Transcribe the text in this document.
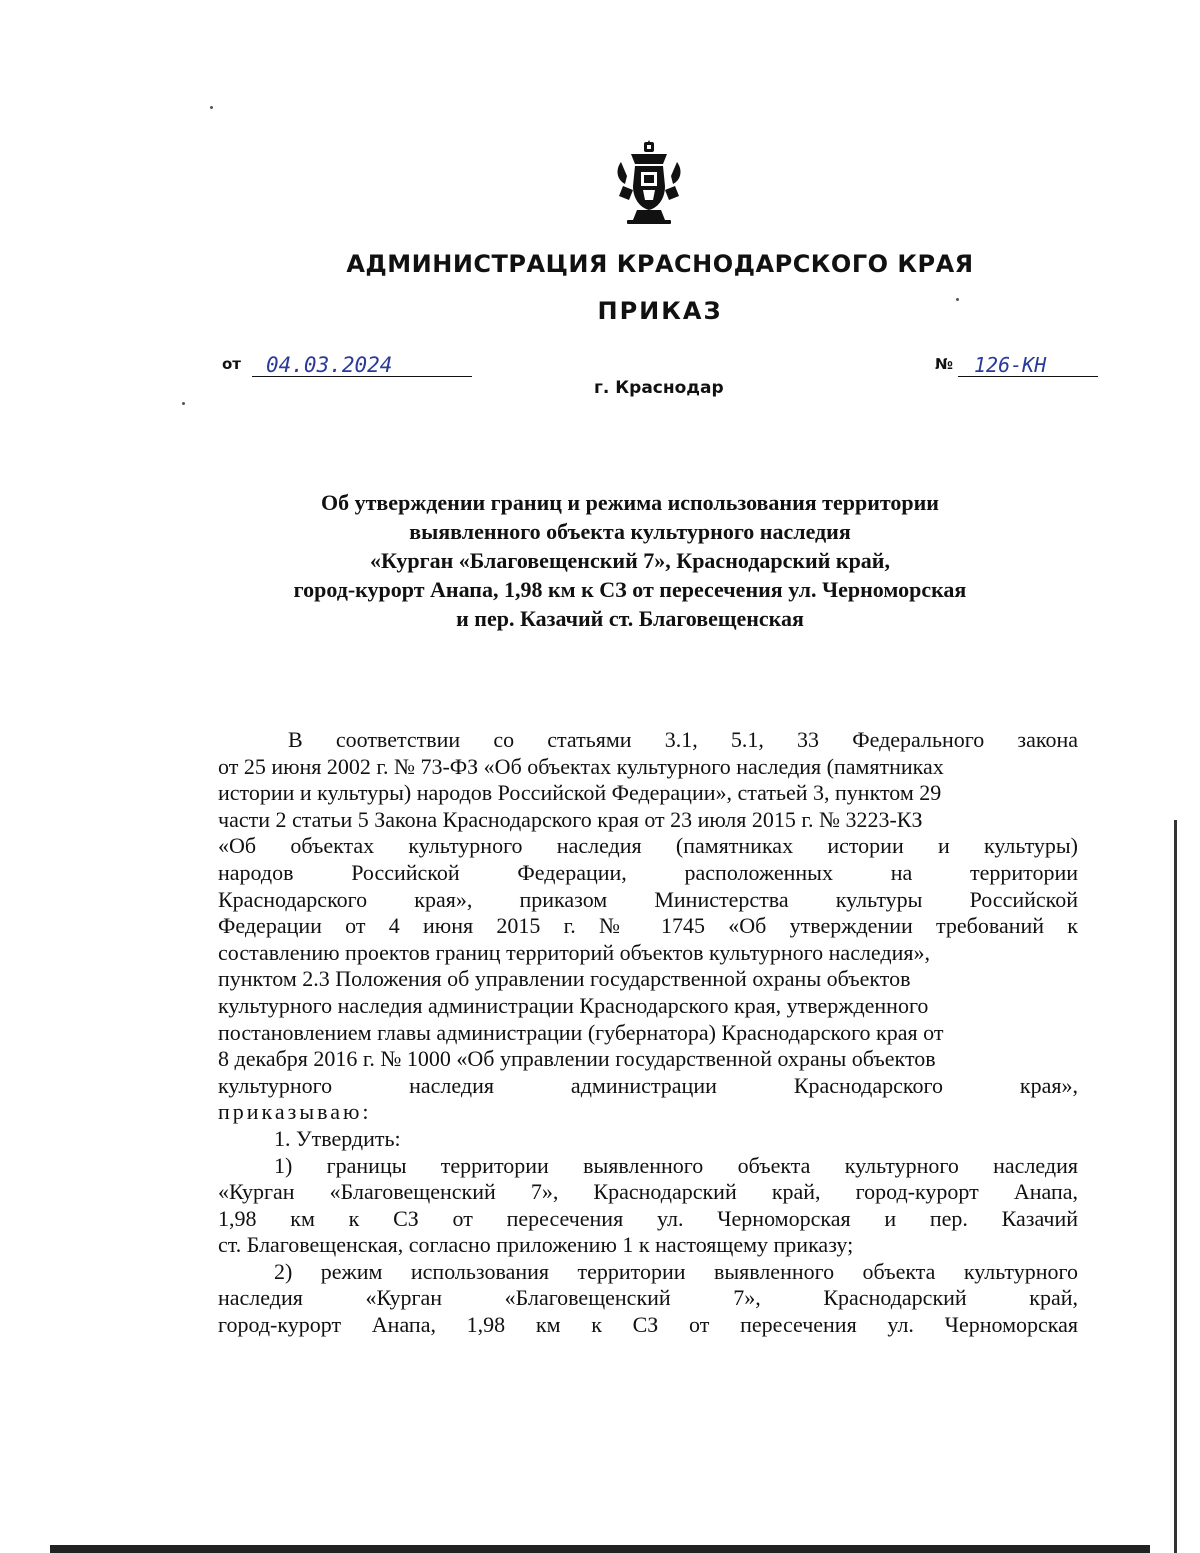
АДМИНИСТРАЦИЯ КРАСНОДАРСКОГО КРАЯ
ПРИКАЗ
от	04.03.2024	№	126-КН
г. Краснодар
Об утверждении границ и режима использования территории
выявленного объекта культурного наследия
«Курган «Благовещенский 7», Краснодарский край,
город-курорт Анапа, 1,98 км к СЗ от пересечения ул. Черноморская
и пер. Казачий ст. Благовещенская
В соответствии со статьями 3.1, 5.1, 33 Федерального закона
от 25 июня 2002 г. № 73-ФЗ «Об объектах культурного наследия (памятниках
истории и культуры) народов Российской Федерации», статьей 3, пунктом 29
части 2 статьи 5 Закона Краснодарского края от 23 июля 2015 г. № 3223-КЗ
«Об объектах культурного наследия (памятниках истории и культуры)
народов Российской Федерации, расположенных на территории
Краснодарского края», приказом Министерства культуры Российской
Федерации от 4 июня 2015 г. № 1745 «Об утверждении требований к
составлению проектов границ территорий объектов культурного наследия»,
пунктом 2.3 Положения об управлении государственной охраны объектов
культурного наследия администрации Краснодарского края, утвержденного
постановлением главы администрации (губернатора) Краснодарского края от
8 декабря 2016 г. № 1000 «Об управлении государственной охраны объектов
культурного наследия администрации Краснодарского края»,
приказываю:
1. Утвердить:
1) границы территории выявленного объекта культурного наследия
«Курган «Благовещенский 7», Краснодарский край, город-курорт Анапа,
1,98 км к СЗ от пересечения ул. Черноморская и пер. Казачий
ст. Благовещенская, согласно приложению 1 к настоящему приказу;
2) режим использования территории выявленного объекта культурного
наследия «Курган «Благовещенский 7», Краснодарский край,
город-курорт Анапа, 1,98 км к СЗ от пересечения ул. Черноморская
